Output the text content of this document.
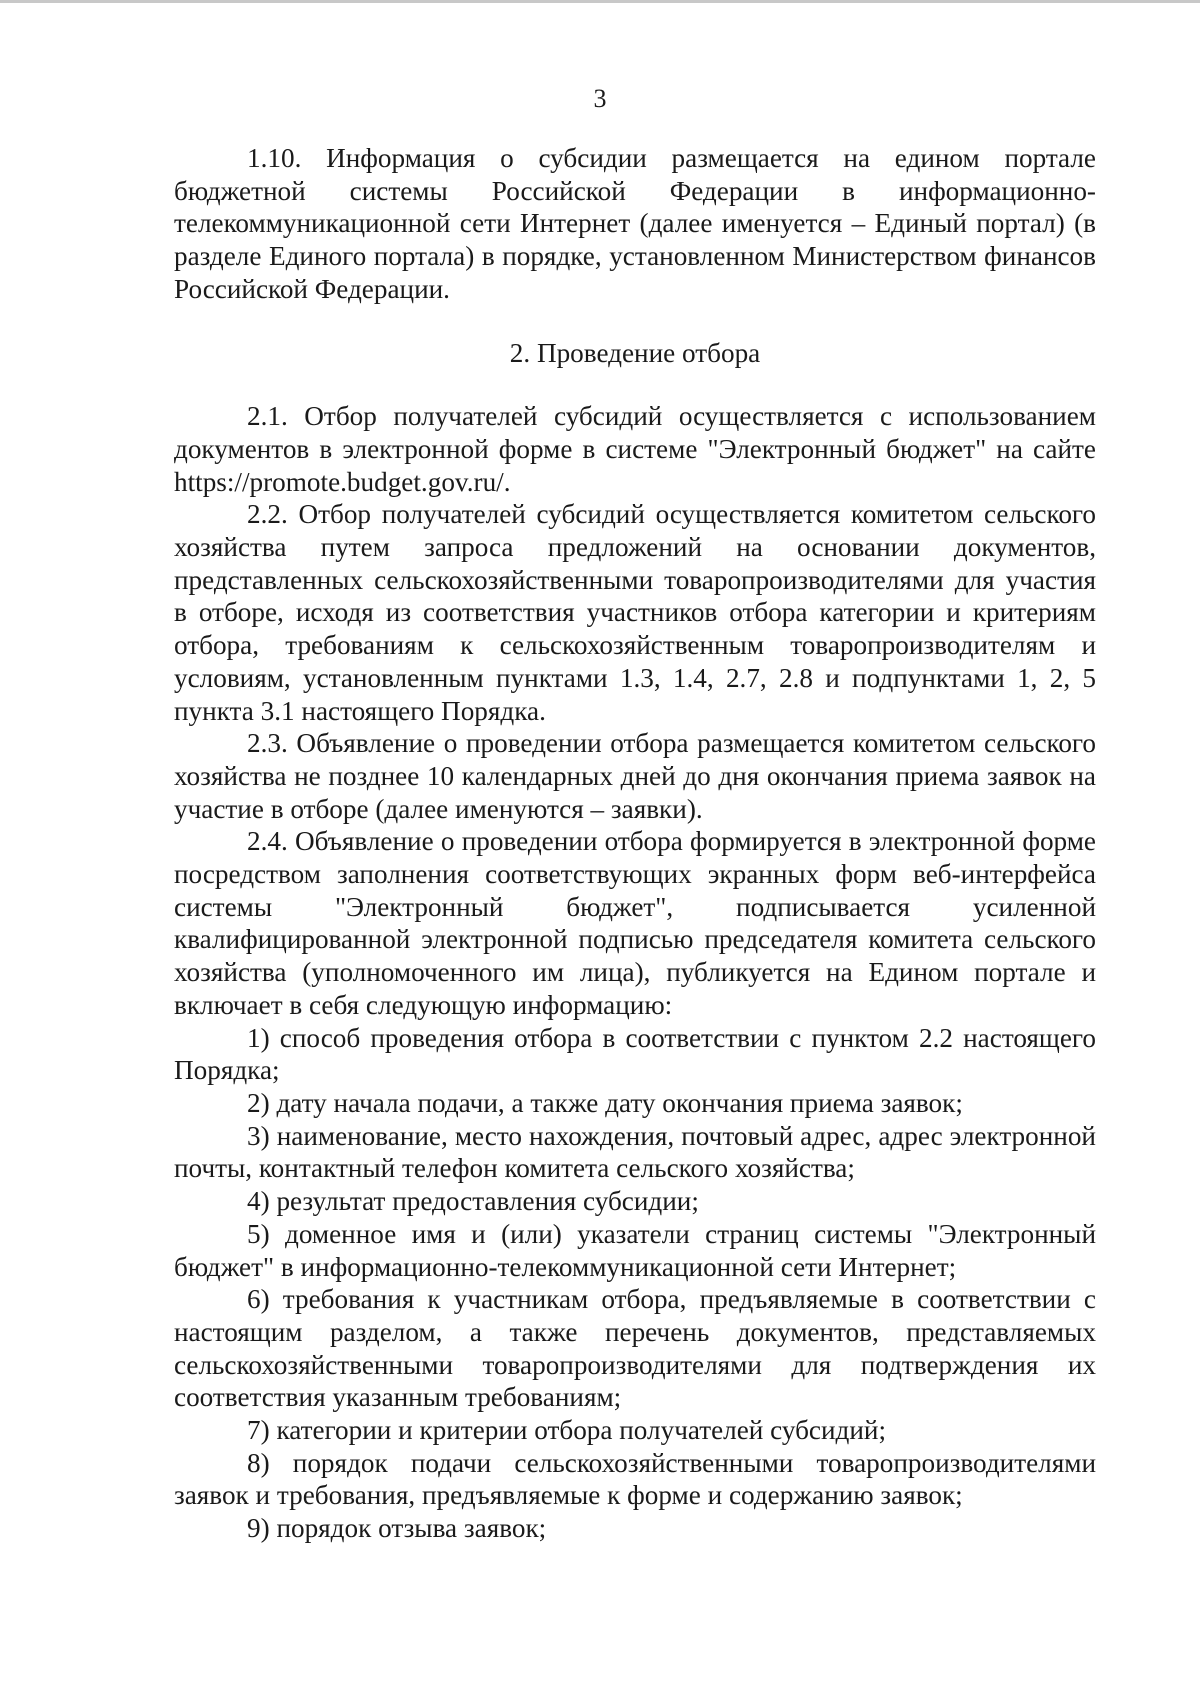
3

1.10. Информация о субсидии размещается на едином портале бюджетной системы Российской Федерации в информационно-телекоммуникационной сети Интернет (далее именуется – Единый портал) (в разделе Единого портала) в порядке, установленном Министерством финансов Российской Федерации.

2. Проведение отбора

2.1. Отбор получателей субсидий осуществляется с использованием документов в электронной форме в системе "Электронный бюджет" на сайте https://promote.budget.gov.ru/.

2.2. Отбор получателей субсидий осуществляется комитетом сельского хозяйства путем запроса предложений на основании документов, представленных сельскохозяйственными товаропроизводителями для участия в отборе, исходя из соответствия участников отбора категории и критериям отбора, требованиям к сельскохозяйственным товаропроизводителям и условиям, установленным пунктами 1.3, 1.4, 2.7, 2.8 и подпунктами 1, 2, 5 пункта 3.1 настоящего Порядка.

2.3. Объявление о проведении отбора размещается комитетом сельского хозяйства не позднее 10 календарных дней до дня окончания приема заявок на участие в отборе (далее именуются – заявки).

2.4. Объявление о проведении отбора формируется в электронной форме посредством заполнения соответствующих экранных форм веб-интерфейса системы "Электронный бюджет", подписывается усиленной квалифицированной электронной подписью председателя комитета сельского хозяйства (уполномоченного им лица), публикуется на Едином портале и включает в себя следующую информацию:

1) способ проведения отбора в соответствии с пунктом 2.2 настоящего Порядка;

2) дату начала подачи, а также дату окончания приема заявок;

3) наименование, место нахождения, почтовый адрес, адрес электронной почты, контактный телефон комитета сельского хозяйства;

4) результат предоставления субсидии;

5) доменное имя и (или) указатели страниц системы "Электронный бюджет" в информационно-телекоммуникационной сети Интернет;

6) требования к участникам отбора, предъявляемые в соответствии с настоящим разделом, а также перечень документов, представляемых сельскохозяйственными товаропроизводителями для подтверждения их соответствия указанным требованиям;

7) категории и критерии отбора получателей субсидий;

8) порядок подачи сельскохозяйственными товаропроизводителями заявок и требования, предъявляемые к форме и содержанию заявок;

9) порядок отзыва заявок;
